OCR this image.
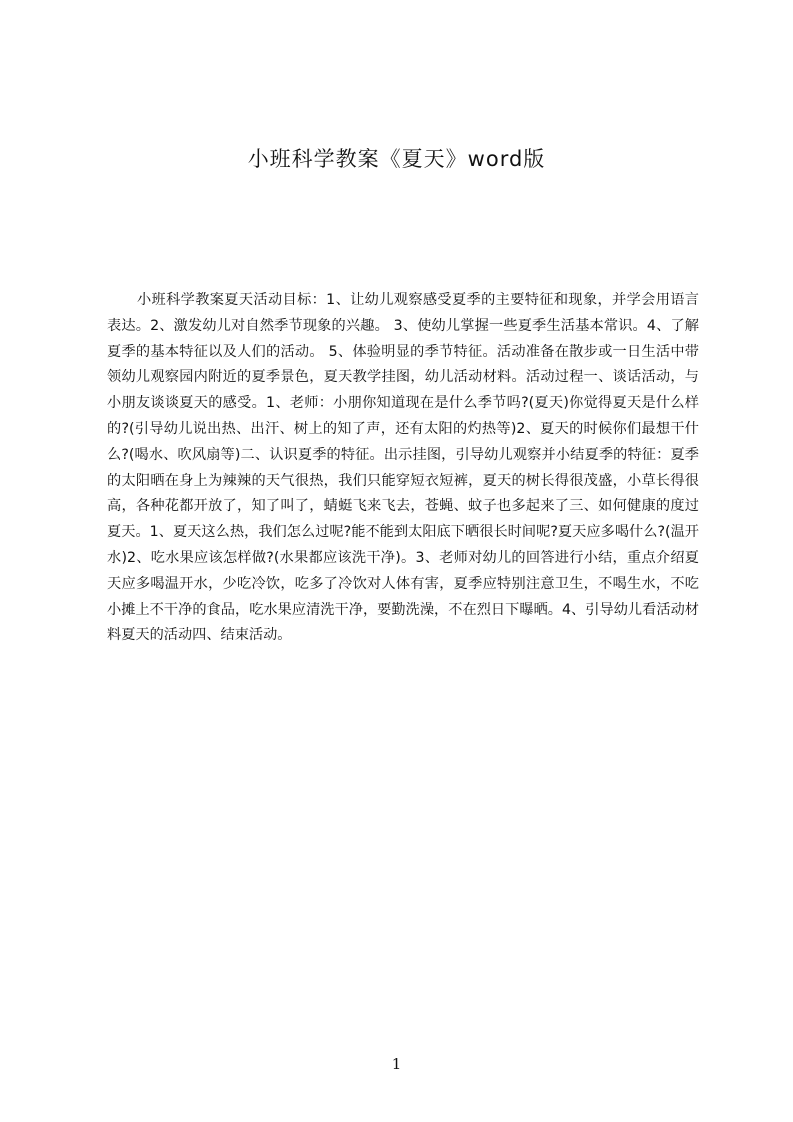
小班科学教案《夏天》word版
小班科学教案夏天活动目标：1、让幼儿观察感受夏季的主要特征和现象，并学会用语言表达。2、激发幼儿对自然季节现象的兴趣。 3、使幼儿掌握一些夏季生活基本常识。4、了解夏季的基本特征以及人们的活动。 5、体验明显的季节特征。活动准备在散步或一日生活中带领幼儿观察园内附近的夏季景色，夏天教学挂图，幼儿活动材料。活动过程一、谈话活动，与小朋友谈谈夏天的感受。1、老师：小朋你知道现在是什么季节吗?(夏天)你觉得夏天是什么样的?(引导幼儿说出热、出汗、树上的知了声，还有太阳的灼热等)2、夏天的时候你们最想干什么?(喝水、吹风扇等)二、认识夏季的特征。出示挂图，引导幼儿观察并小结夏季的特征：夏季的太阳晒在身上为辣辣的天气很热，我们只能穿短衣短裤，夏天的树长得很茂盛，小草长得很高，各种花都开放了，知了叫了，蜻蜓飞来飞去，苍蝇、蚊子也多起来了三、如何健康的度过夏天。1、夏天这么热，我们怎么过呢?能不能到太阳底下晒很长时间呢?夏天应多喝什么?(温开水)2、吃水果应该怎样做?(水果都应该洗干净)。3、老师对幼儿的回答进行小结，重点介绍夏天应多喝温开水，少吃冷饮，吃多了冷饮对人体有害，夏季应特别注意卫生，不喝生水，不吃小摊上不干净的食品，吃水果应清洗干净，要勤洗澡，不在烈日下曝晒。4、引导幼儿看活动材料夏天的活动四、结束活动。
1
